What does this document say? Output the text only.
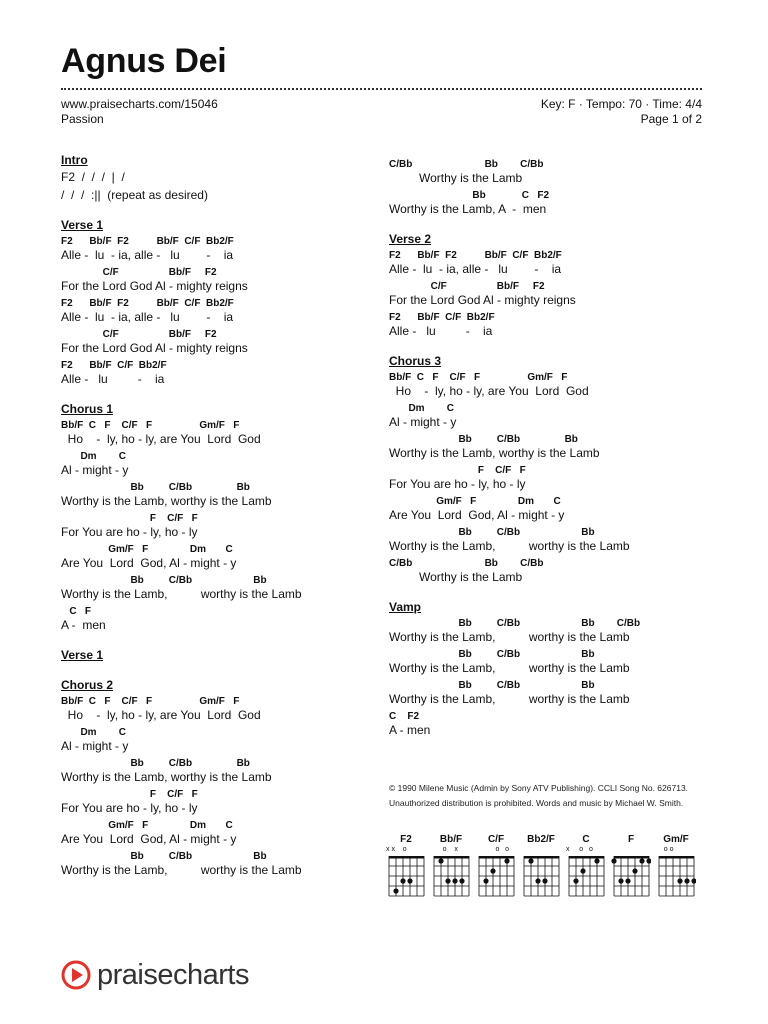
Agnus Dei
www.praisecharts.com/15046
Passion
Key: F · Tempo: 70 · Time: 4/4
Page 1 of 2
Intro
F2  /  /  /  |  /
/  /  /  :||  (repeat as desired)
Verse 1
F2      Bb/F  F2          Bb/F  C/F  Bb2/F
Alle -  lu  - ia, alle -   lu        -    ia
C/F                  Bb/F     F2
For the Lord God Al - mighty reigns
F2      Bb/F  F2          Bb/F  C/F  Bb2/F
Alle -  lu  - ia, alle -   lu        -    ia
C/F                  Bb/F     F2
For the Lord God Al - mighty reigns
F2      Bb/F  C/F  Bb2/F
Alle -   lu         -    ia
Chorus 1
Bb/F  C   F    C/F   F                 Gm/F   F
Ho    -  ly, ho - ly, are You  Lord  God
Dm        C
Al - might - y
Bb         C/Bb                Bb
Worthy is the Lamb, worthy is the Lamb
F    C/F   F
For You are ho - ly, ho - ly
Gm/F   F               Dm       C
Are You  Lord  God, Al - might - y
Bb         C/Bb                      Bb
Worthy is the Lamb,          worthy is the Lamb
C   F
A -  men
Verse 1
Chorus 2
Bb/F  C   F    C/F   F                 Gm/F   F
Ho    -  ly, ho - ly, are You  Lord  God
Dm        C
Al - might - y
Bb         C/Bb                Bb
Worthy is the Lamb, worthy is the Lamb
F    C/F   F
For You are ho - ly, ho - ly
Gm/F   F               Dm       C
Are You  Lord  God, Al - might - y
Bb         C/Bb                      Bb
Worthy is the Lamb,          worthy is the Lamb
C/Bb                          Bb        C/Bb
Worthy is the Lamb
Bb             C   F2
Worthy is the Lamb, A  -  men
Verse 2
F2      Bb/F  F2          Bb/F  C/F  Bb2/F
Alle -  lu  - ia, alle -   lu        -    ia
C/F                  Bb/F     F2
For the Lord God Al - mighty reigns
F2      Bb/F  C/F  Bb2/F
Alle -   lu         -    ia
Chorus 3
Bb/F  C   F    C/F   F                 Gm/F   F
Ho    -  ly, ho - ly, are You  Lord  God
Dm        C
Al - might - y
Bb         C/Bb                Bb
Worthy is the Lamb, worthy is the Lamb
F    C/F   F
For You are ho - ly, ho - ly
Gm/F   F               Dm       C
Are You  Lord  God, Al - might - y
Bb         C/Bb                      Bb
Worthy is the Lamb,          worthy is the Lamb
C/Bb                          Bb        C/Bb
Worthy is the Lamb
Vamp
Bb         C/Bb                      Bb        C/Bb
Worthy is the Lamb,          worthy is the Lamb
Bb         C/Bb                      Bb
Worthy is the Lamb,          worthy is the Lamb
Bb         C/Bb                      Bb
Worthy is the Lamb,          worthy is the Lamb
C    F2
A - men
© 1990 Milene Music (Admin by Sony ATV Publishing). CCLI Song No. 626713. Unauthorized distribution is prohibited. Words and music by Michael W. Smith.
F2
x x    o
Bb/F
o    x
C/F
o   o
Bb2/F	C
x     o   o
F	Gm/F
o o
praisecharts
